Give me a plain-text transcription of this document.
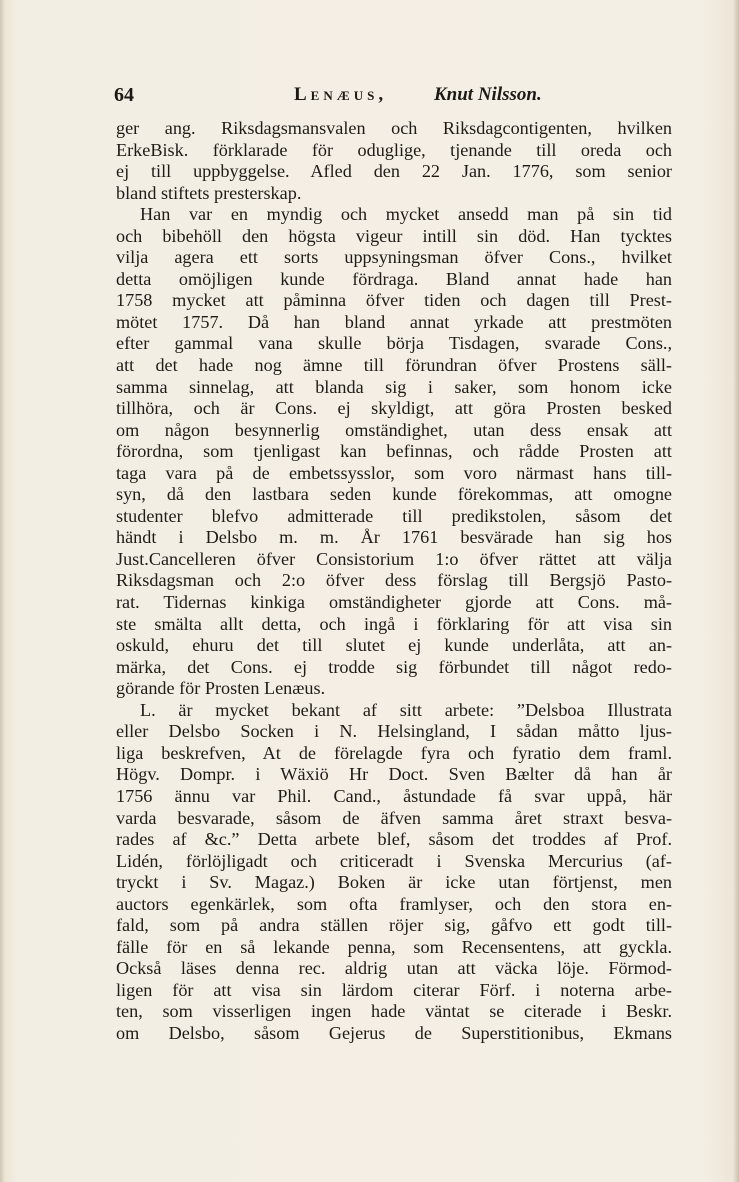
64	Lenæus, Knut Nilsson.
ger ang. Riksdagsmansvalen och Riksdagcontigenten, hvilken
ErkeBisk. förklarade för oduglige, tjenande till oreda och
ej till uppbyggelse. Afled den 22 Jan. 1776, som senior
bland stiftets presterskap.
Han var en myndig och mycket ansedd man på sin tid
och bibehöll den högsta vigeur intill sin död. Han tycktes
vilja agera ett sorts uppsyningsman öfver Cons., hvilket
detta omöjligen kunde fördraga. Bland annat hade han
1758 mycket att påminna öfver tiden och dagen till Prest-
mötet 1757. Då han bland annat yrkade att prestmöten
efter gammal vana skulle börja Tisdagen, svarade Cons.,
att det hade nog ämne till förundran öfver Prostens säll-
samma sinnelag, att blanda sig i saker, som honom icke
tillhöra, och är Cons. ej skyldigt, att göra Prosten besked
om någon besynnerlig omständighet, utan dess ensak att
förordna, som tjenligast kan befinnas, och rådde Prosten att
taga vara på de embetssysslor, som voro närmast hans till-
syn, då den lastbara seden kunde förekommas, att omogne
studenter blefvo admitterade till predikstolen, såsom det
händt i Delsbo m. m. År 1761 besvärade han sig hos
Just.Cancelleren öfver Consistorium 1:o öfver rättet att välja
Riksdagsman och 2:o öfver dess förslag till Bergsjö Pasto-
rat. Tidernas kinkiga omständigheter gjorde att Cons. må-
ste smälta allt detta, och ingå i förklaring för att visa sin
oskuld, ehuru det till slutet ej kunde underlåta, att an-
märka, det Cons. ej trodde sig förbundet till något redo-
görande för Prosten Lenæus.
L. är mycket bekant af sitt arbete: ”Delsboa Illustrata
eller Delsbo Socken i N. Helsingland, I sådan måtto ljus-
liga beskrefven, At de förelagde fyra och fyratio dem framl.
Högv. Dompr. i Wäxiö Hr Doct. Sven Bælter då han år
1756 ännu var Phil. Cand., åstundade få svar uppå, här
varda besvarade, såsom de äfven samma året straxt besva-
rades af &c.” Detta arbete blef, såsom det troddes af Prof.
Lidén, förlöjligadt och criticeradt i Svenska Mercurius (af-
tryckt i Sv. Magaz.) Boken är icke utan förtjenst, men
auctors egenkärlek, som ofta framlyser, och den stora en-
fald, som på andra ställen röjer sig, gåfvo ett godt till-
fälle för en så lekande penna, som Recensentens, att gyckla.
Också läses denna rec. aldrig utan att väcka löje. Förmod-
ligen för att visa sin lärdom citerar Förf. i noterna arbe-
ten, som visserligen ingen hade väntat se citerade i Beskr.
om Delsbo, såsom Gejerus de Superstitionibus, Ekmans
